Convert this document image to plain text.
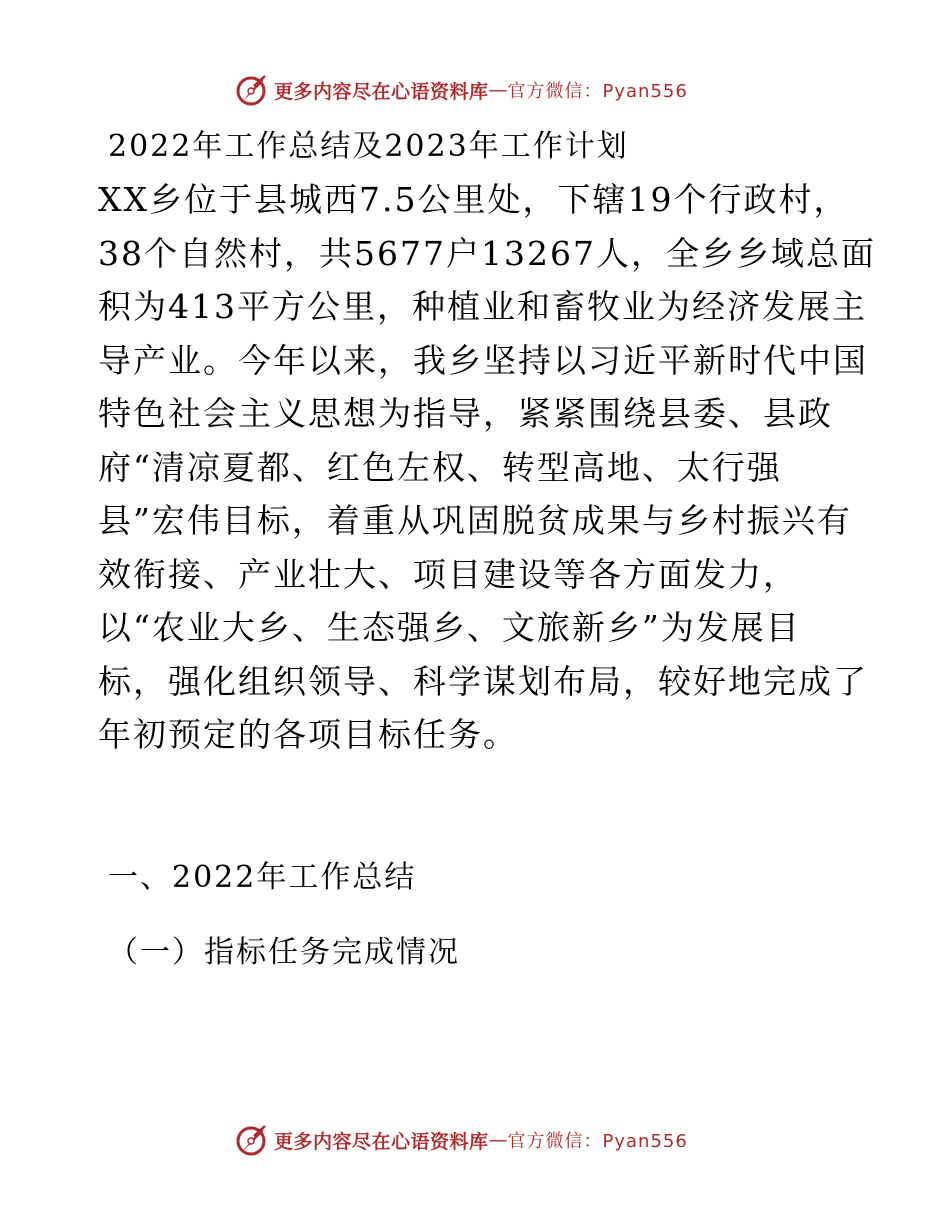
更多内容尽在心语资料库 — 官方微信：Pyan556
2022年工作总结及2023年工作计划

XX乡位于县城西7.5公里处，下辖19个行政村，
38个自然村，共5677户13267人，全乡乡域总面
积为413平方公里，种植业和畜牧业为经济发展主
导产业。今年以来，我乡坚持以习近平新时代中国
特色社会主义思想为指导，紧紧围绕县委、县政
府“清凉夏都、红色左权、转型高地、太行强
县”宏伟目标，着重从巩固脱贫成果与乡村振兴有
效衔接、产业壮大、项目建设等各方面发力，
以“农业大乡、生态强乡、文旅新乡”为发展目
标，强化组织领导、科学谋划布局，较好地完成了
年初预定的各项目标任务。

一、2022年工作总结
（一）指标任务完成情况
更多内容尽在心语资料库 — 官方微信：Pyan556
